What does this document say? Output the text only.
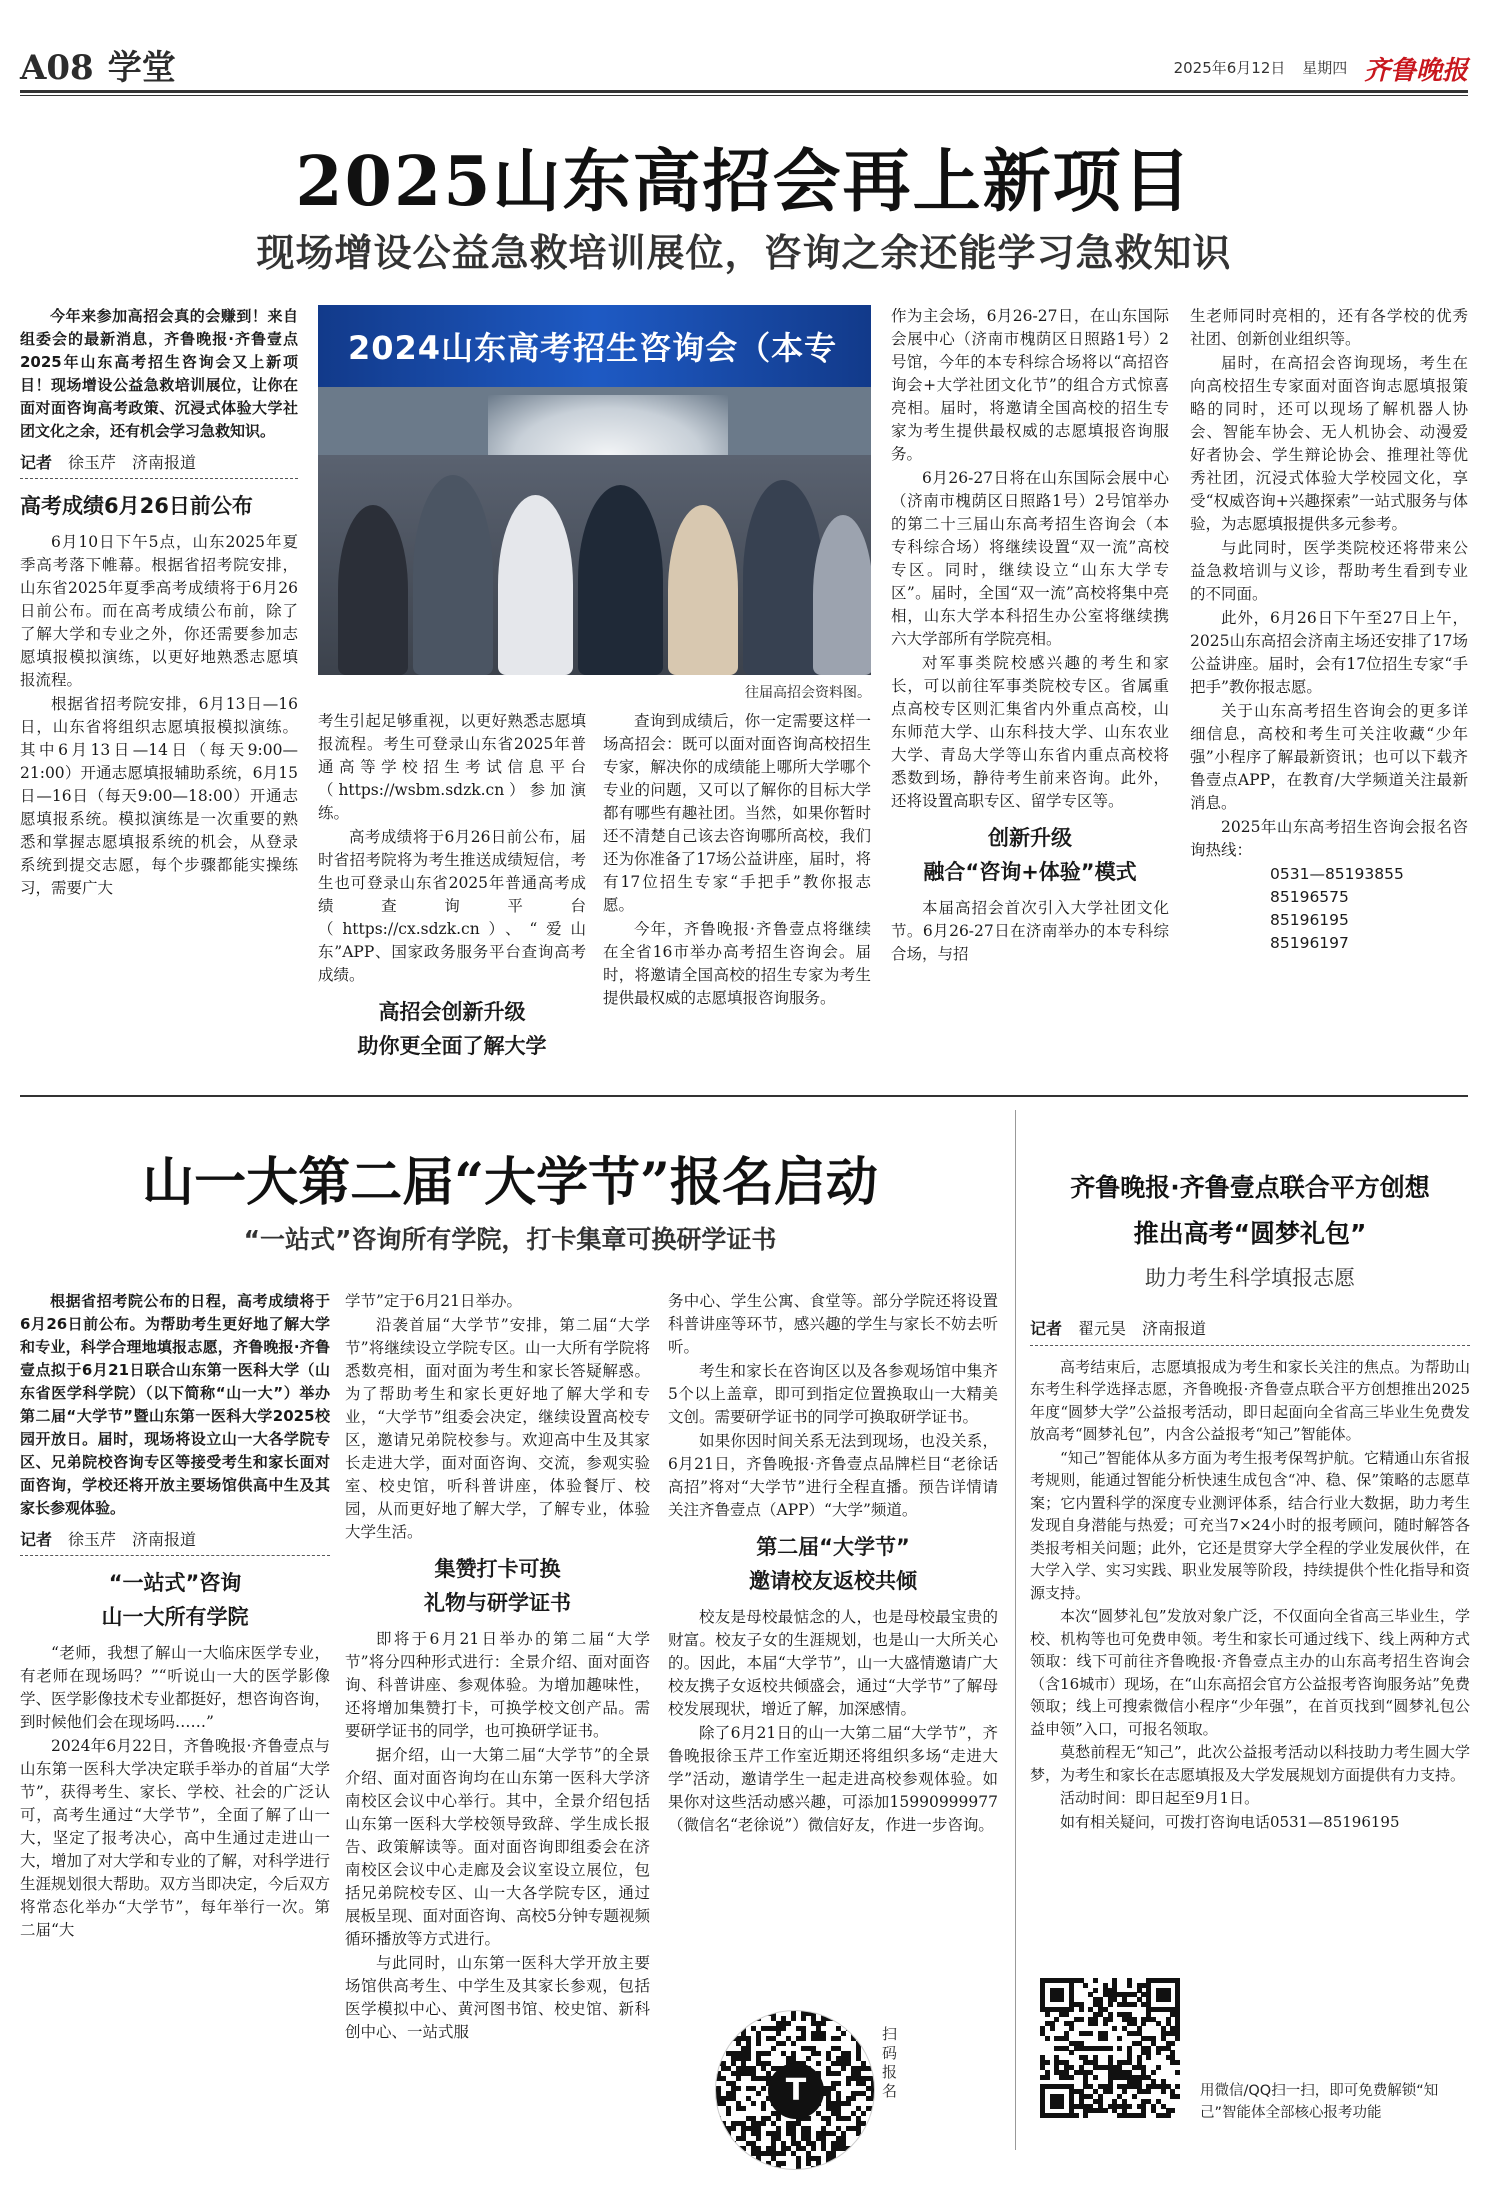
A08 学堂	2025年6月12日 星期四 齐鲁晚报
2025山东高招会再上新项目
现场增设公益急救培训展位，咨询之余还能学习急救知识

今年来参加高招会真的会赚到！来自组委会的最新消息，齐鲁晚报·齐鲁壹点2025年山东高考招生咨询会又上新项目！现场增设公益急救培训展位，让你在面对面咨询高考政策、沉浸式体验大学社团文化之余，还有机会学习急救知识。

记者　 徐玉芹　济南报道
高考成绩6月26日前公布

6月10日下午5点，山东2025年夏季高考落下帷幕。根据省招考院安排，山东省2025年夏季高考成绩将于6月26日前公布。而在高考成绩公布前，除了了解大学和专业之外，你还需要参加志愿填报模拟演练，以更好地熟悉志愿填报流程。

根据省招考院安排，6月13日—16日，山东省将组织志愿填报模拟演练。其中6月13日—14日（每天9:00—21:00）开通志愿填报辅助系统，6月15日—16日（每天9:00—18:00）开通志愿填报系统。模拟演练是一次重要的熟悉和掌握志愿填报系统的机会，从登录系统到提交志愿，每个步骤都能实操练习，需要广大

2024山东高考招生咨询会（本专
往届高招会资料图。

考生引起足够重视，以更好熟悉志愿填报流程。考生可登录山东省2025年普通高等学校招生考试信息平台（https://wsbm.sdzk.cn）参加演练。

高考成绩将于6月26日前公布，届时省招考院将为考生推送成绩短信，考生也可登录山东省2025年普通高考成绩查询平台（https://cx.sdzk.cn）、“爱山东”APP、国家政务服务平台查询高考成绩。

高招会创新升级
助你更全面了解大学

查询到成绩后，你一定需要这样一场高招会：既可以面对面咨询高校招生专家，解决你的成绩能上哪所大学哪个专业的问题，又可以了解你的目标大学都有哪些有趣社团。当然，如果你暂时还不清楚自己该去咨询哪所高校，我们还为你准备了17场公益讲座，届时，将有17位招生专家“手把手”教你报志愿。

今年，齐鲁晚报·齐鲁壹点将继续在全省16市举办高考招生咨询会。届时，将邀请全国高校的招生专家为考生提供最权威的志愿填报咨询服务。

作为主会场，6月26-27日，在山东国际会展中心（济南市槐荫区日照路1号）2号馆，今年的本专科综合场将以“高招咨询会+大学社团文化节”的组合方式惊喜亮相。届时，将邀请全国高校的招生专家为考生提供最权威的志愿填报咨询服务。

6月26-27日将在山东国际会展中心（济南市槐荫区日照路1号）2号馆举办的第二十三届山东高考招生咨询会（本专科综合场）将继续设置“双一流”高校专区。同时，继续设立“山东大学专区”。届时，全国“双一流”高校将集中亮相，山东大学本科招生办公室将继续携六大学部所有学院亮相。

对军事类院校感兴趣的考生和家长，可以前往军事类院校专区。省属重点高校专区则汇集省内外重点高校，山东师范大学、山东科技大学、山东农业大学、青岛大学等山东省内重点高校将悉数到场，静待考生前来咨询。此外，还将设置高职专区、留学专区等。

创新升级
融合“咨询+体验”模式

本届高招会首次引入大学社团文化节。6月26-27日在济南举办的本专科综合场，与招

生老师同时亮相的，还有各学校的优秀社团、创新创业组织等。

届时，在高招会咨询现场，考生在向高校招生专家面对面咨询志愿填报策略的同时，还可以现场了解机器人协会、智能车协会、无人机协会、动漫爱好者协会、学生辩论协会、推理社等优秀社团，沉浸式体验大学校园文化，享受“权威咨询+兴趣探索”一站式服务与体验，为志愿填报提供多元参考。

与此同时，医学类院校还将带来公益急救培训与义诊，帮助考生看到专业的不同面。

此外，6月26日下午至27日上午，2025山东高招会济南主场还安排了17场公益讲座。届时，会有17位招生专家“手把手”教你报志愿。

关于山东高考招生咨询会的更多详细信息，高校和考生可关注收藏“少年强”小程序了解最新资讯；也可以下载齐鲁壹点APP，在教育/大学频道关注最新消息。

2025年山东高考招生咨询会报名咨询热线：

0531—85193855
85196575
85196195
85196197
山一大第二届“大学节”报名启动
“一站式”咨询所有学院，打卡集章可换研学证书

根据省招考院公布的日程，高考成绩将于6月26日前公布。为帮助考生更好地了解大学和专业，科学合理地填报志愿，齐鲁晚报·齐鲁壹点拟于6月21日联合山东第一医科大学（山东省医学科学院）（以下简称“山一大”）举办第二届“大学节”暨山东第一医科大学2025校园开放日。届时，现场将设立山一大各学院专区、兄弟院校咨询专区等接受考生和家长面对面咨询，学校还将开放主要场馆供高中生及其家长参观体验。

记者　 徐玉芹　济南报道
“一站式”咨询
山一大所有学院

“老师，我想了解山一大临床医学专业，有老师在现场吗？”“听说山一大的医学影像学、医学影像技术专业都挺好，想咨询咨询，到时候他们会在现场吗……”

2024年6月22日，齐鲁晚报·齐鲁壹点与山东第一医科大学决定联手举办的首届“大学节”，获得考生、家长、学校、社会的广泛认可，高考生通过“大学节”，全面了解了山一大，坚定了报考决心，高中生通过走进山一大，增加了对大学和专业的了解，对科学进行生涯规划很大帮助。双方当即决定，今后双方将常态化举办“大学节”，每年举行一次。第二届“大

学节”定于6月21日举办。

沿袭首届“大学节”安排，第二届“大学节”将继续设立学院专区。山一大所有学院将悉数亮相，面对面为考生和家长答疑解惑。为了帮助考生和家长更好地了解大学和专业，“大学节”组委会决定，继续设置高校专区，邀请兄弟院校参与。欢迎高中生及其家长走进大学，面对面咨询、交流，参观实验室、校史馆，听科普讲座，体验餐厅、校园，从而更好地了解大学，了解专业，体验大学生活。

集赞打卡可换
礼物与研学证书

即将于6月21日举办的第二届“大学节”将分四种形式进行：全景介绍、面对面咨询、科普讲座、参观体验。为增加趣味性，还将增加集赞打卡，可换学校文创产品。需要研学证书的同学，也可换研学证书。

据介绍，山一大第二届“大学节”的全景介绍、面对面咨询均在山东第一医科大学济南校区会议中心举行。其中，全景介绍包括山东第一医科大学校领导致辞、学生成长报告、政策解读等。面对面咨询即组委会在济南校区会议中心走廊及会议室设立展位，包括兄弟院校专区、山一大各学院专区，通过展板呈现、面对面咨询、高校5分钟专题视频循环播放等方式进行。

与此同时，山东第一医科大学开放主要场馆供高考生、中学生及其家长参观，包括医学模拟中心、黄河图书馆、校史馆、新科创中心、一站式服

务中心、学生公寓、食堂等。部分学院还将设置科普讲座等环节，感兴趣的学生与家长不妨去听听。

考生和家长在咨询区以及各参观场馆中集齐5个以上盖章，即可到指定位置换取山一大精美文创。需要研学证书的同学可换取研学证书。

如果你因时间关系无法到现场，也没关系，6月21日，齐鲁晚报·齐鲁壹点品牌栏目“老徐话高招”将对“大学节”进行全程直播。预告详情请关注齐鲁壹点（APP）“大学”频道。

第二届“大学节”
邀请校友返校共倾

校友是母校最惦念的人，也是母校最宝贵的财富。校友子女的生涯规划，也是山一大所关心的。因此，本届“大学节”，山一大盛情邀请广大校友携子女返校共倾盛会，通过“大学节”了解母校发展现状，增近了解，加深感情。

除了6月21日的山一大第二届“大学节”，齐鲁晚报徐玉芹工作室近期还将组织多场“走进大学”活动，邀请学生一起走进高校参观体验。如果你对这些活动感兴趣，可添加15990999977（微信名“老徐说”）微信好友，作进一步咨询。

T
扫码报名
齐鲁晚报·齐鲁壹点联合平方创想
推出高考“圆梦礼包”
助力考生科学填报志愿
记者　 翟元昊　济南报道

高考结束后，志愿填报成为考生和家长关注的焦点。为帮助山东考生科学选择志愿，齐鲁晚报·齐鲁壹点联合平方创想推出2025年度“圆梦大学”公益报考活动，即日起面向全省高三毕业生免费发放高考“圆梦礼包”，内含公益报考“知己”智能体。

“知己”智能体从多方面为考生报考保驾护航。它精通山东省报考规则，能通过智能分析快速生成包含“冲、稳、保”策略的志愿草案；它内置科学的深度专业测评体系，结合行业大数据，助力考生发现自身潜能与热爱；可充当7×24小时的报考顾问，随时解答各类报考相关问题；此外，它还是贯穿大学全程的学业发展伙伴，在大学入学、实习实践、职业发展等阶段，持续提供个性化指导和资源支持。

本次“圆梦礼包”发放对象广泛，不仅面向全省高三毕业生，学校、机构等也可免费申领。考生和家长可通过线下、线上两种方式领取：线下可前往齐鲁晚报·齐鲁壹点主办的山东高考招生咨询会（含16城市）现场，在“山东高招会官方公益报考咨询服务站”免费领取；线上可搜索微信小程序“少年强”，在首页找到“圆梦礼包公益申领”入口，可报名领取。

莫愁前程无“知己”，此次公益报考活动以科技助力考生圆大学梦，为考生和家长在志愿填报及大学发展规划方面提供有力支持。

活动时间：即日起至9月1日。

如有相关疑问，可拨打咨询电话0531—85196195

用微信/QQ扫一扫，即可免费解锁“知己”智能体全部核心报考功能
